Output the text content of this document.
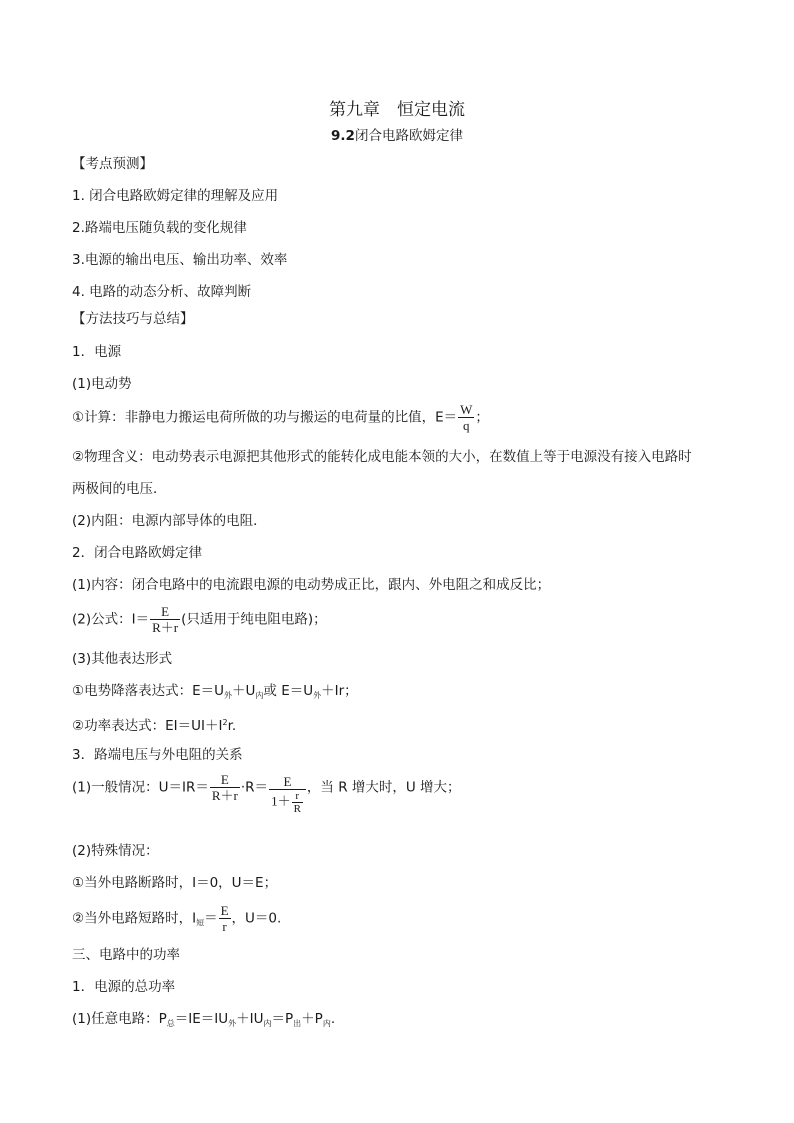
第九章　恒定电流
9.2闭合电路欧姆定律
【考点预测】
1. 闭合电路欧姆定律的理解及应用
2.路端电压随负载的变化规律
3.电源的输出电压、输出功率、效率
4. 电路的动态分析、故障判断
【方法技巧与总结】
1．电源
(1)电动势
①计算：非静电力搬运电荷所做的功与搬运的电荷量的比值，$E= \frac{W}{q}$ ；
②物理含义：电动势表示电源把其他形式的能转化成电能本领的大小，在数值上等于电源没有接入电路时
两极间的电压．
(2)内阻：电源内部导体的电阻．
2．闭合电路欧姆定律
(1)内容：闭合电路中的电流跟电源的电动势成正比，跟内、外电阻之和成反比；
(2)公式：$I= \frac{E}{R+r}$ (只适用于纯电阻电路)；
(3)其他表达形式
①电势降落表达式：$E=U_外+U_内$或 $E=U_外+Ir$；
②功率表达式：$EI=UI+I^2r$.
3．路端电压与外电阻的关系
(1)一般情况：$U=IR= \frac{E}{R+r} \cdot R= \frac{E}{1+ \frac{r}{R}}$ ，当 R 增大时，U 增大；
(2)特殊情况：
①当外电路断路时，I＝0，U＝E；
②当外电路短路时，$I_短= \frac{E}{r}$ ，U＝0.
三、电路中的功率
1．电源的总功率
(1)任意电路：$P_总=IE=IU_外+IU_内=P_出+P_内$.
